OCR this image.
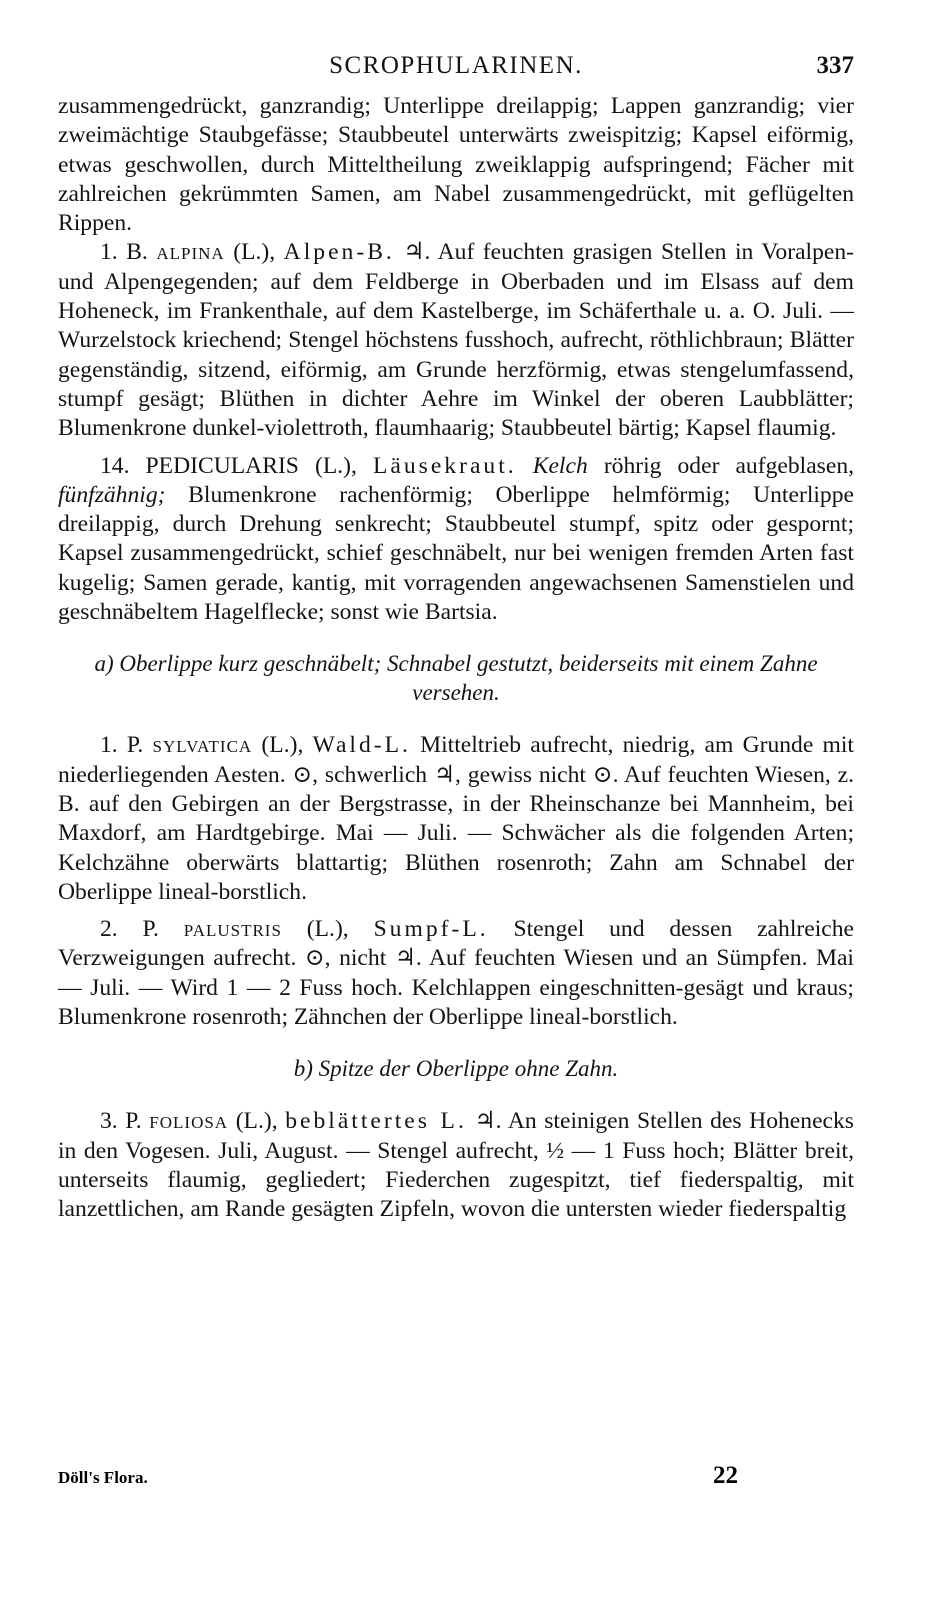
SCROPHULARINEN.	337

zusammengedrückt, ganzrandig; Unterlippe dreilappig; Lappen ganzrandig; vier zweimächtige Staubgefässe; Staubbeutel unterwärts zweispitzig; Kapsel eiförmig, etwas geschwollen, durch Mitteltheilung zweiklappig aufspringend; Fächer mit zahlreichen gekrümmten Samen, am Nabel zusammengedrückt, mit geflügelten Rippen.

1. B. alpina (L.), Alpen-B. ♃. Auf feuchten grasigen Stellen in Voralpen- und Alpengegenden; auf dem Feldberge in Oberbaden und im Elsass auf dem Hoheneck, im Frankenthale, auf dem Kastelberge, im Schäferthale u. a. O. Juli. — Wurzelstock kriechend; Stengel höchstens fusshoch, aufrecht, röthlichbraun; Blätter gegenständig, sitzend, eiförmig, am Grunde herzförmig, etwas stengelumfassend, stumpf gesägt; Blüthen in dichter Aehre im Winkel der oberen Laubblätter; Blumenkrone dunkel-violettroth, flaumhaarig; Staubbeutel bärtig; Kapsel flaumig.

14. PEDICULARIS (L.), Läusekraut. Kelch röhrig oder aufgeblasen, fünfzähnig; Blumenkrone rachenförmig; Oberlippe helmförmig; Unterlippe dreilappig, durch Drehung senkrecht; Staubbeutel stumpf, spitz oder gespornt; Kapsel zusammengedrückt, schief geschnäbelt, nur bei wenigen fremden Arten fast kugelig; Samen gerade, kantig, mit vorragenden angewachsenen Samenstielen und geschnäbeltem Hagelflecke; sonst wie Bartsia.

a) Oberlippe kurz geschnäbelt; Schnabel gestutzt, beiderseits mit einem Zahne versehen.

1. P. sylvatica (L.), Wald-L. Mitteltrieb aufrecht, niedrig, am Grunde mit niederliegenden Aesten. ⊙, schwerlich ♃, gewiss nicht ⊙. Auf feuchten Wiesen, z. B. auf den Gebirgen an der Bergstrasse, in der Rheinschanze bei Mannheim, bei Maxdorf, am Hardtgebirge. Mai — Juli. — Schwächer als die folgenden Arten; Kelchzähne oberwärts blattartig; Blüthen rosenroth; Zahn am Schnabel der Oberlippe lineal-borstlich.

2. P. palustris (L.), Sumpf-L. Stengel und dessen zahlreiche Verzweigungen aufrecht. ⊙, nicht ♃. Auf feuchten Wiesen und an Sümpfen. Mai — Juli. — Wird 1 — 2 Fuss hoch. Kelchlappen eingeschnitten-gesägt und kraus; Blumenkrone rosenroth; Zähnchen der Oberlippe lineal-borstlich.

b) Spitze der Oberlippe ohne Zahn.

3. P. foliosa (L.), beblättertes L. ♃. An steinigen Stellen des Hohenecks in den Vogesen. Juli, August. — Stengel aufrecht, ½ — 1 Fuss hoch; Blätter breit, unterseits flaumig, gegliedert; Fiederchen zugespitzt, tief fiederspaltig, mit lanzettlichen, am Rande gesägten Zipfeln, wovon die untersten wieder fiederspaltig

Döll's Flora.	22
